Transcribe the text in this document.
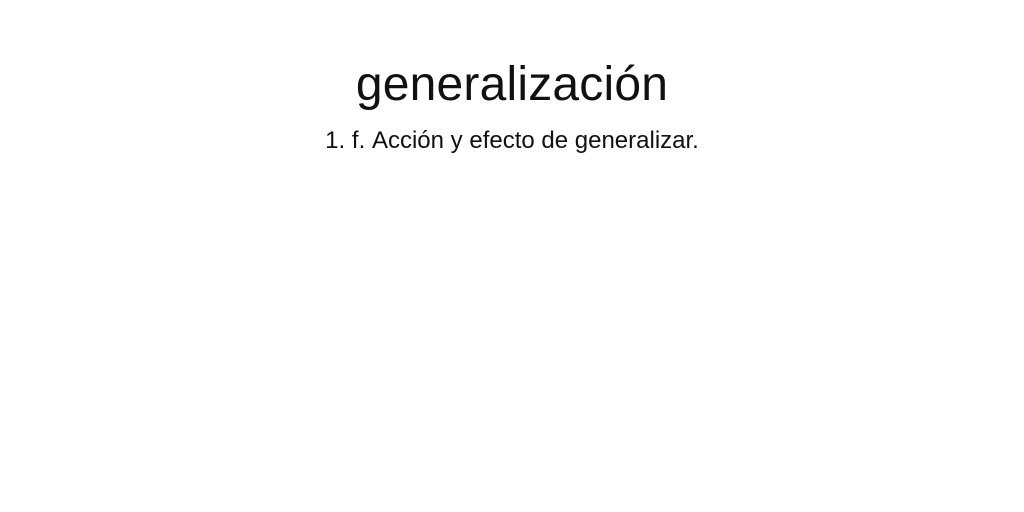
generalización
1. f. Acción y efecto de generalizar.
